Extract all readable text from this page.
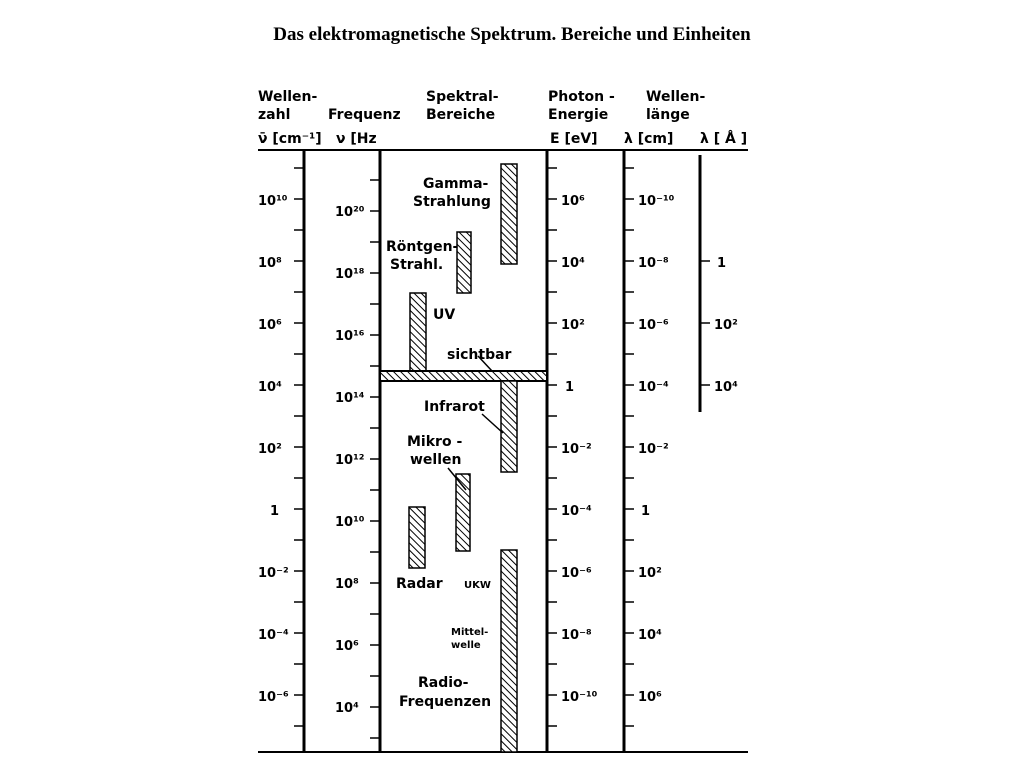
Das elektromagnetische Spektrum. Bereiche und Einheiten
Wellen-
zahl
ν̄ [cm⁻¹]
Frequenz
ν [Hz
Spektral-
Bereiche
Photon -
Energie
E [eV]
Wellen-
länge
λ [cm] λ [ Å ]
10¹⁰
10⁸
10⁶
10⁴
10²
1
10⁻²
10⁻⁴
10⁻⁶
10²⁰
10¹⁸
10¹⁶
10¹⁴
10¹²
10¹⁰
10⁸
10⁶
10⁴
10⁶
10⁴
10²
1
10⁻²
10⁻⁴
10⁻⁶
10⁻⁸
10⁻¹⁰
10⁻¹⁰
10⁻⁸
10⁻⁶
10⁻⁴
10⁻²
1
10²
10⁴
10⁶
1
10²
10⁴
Gamma-
Strahlung
Röntgen-
Strahl.
UV
sichtbar
Infrarot
Mikro -
wellen
Radar UKW
Mittel-
welle
Radio-
Frequenzen
